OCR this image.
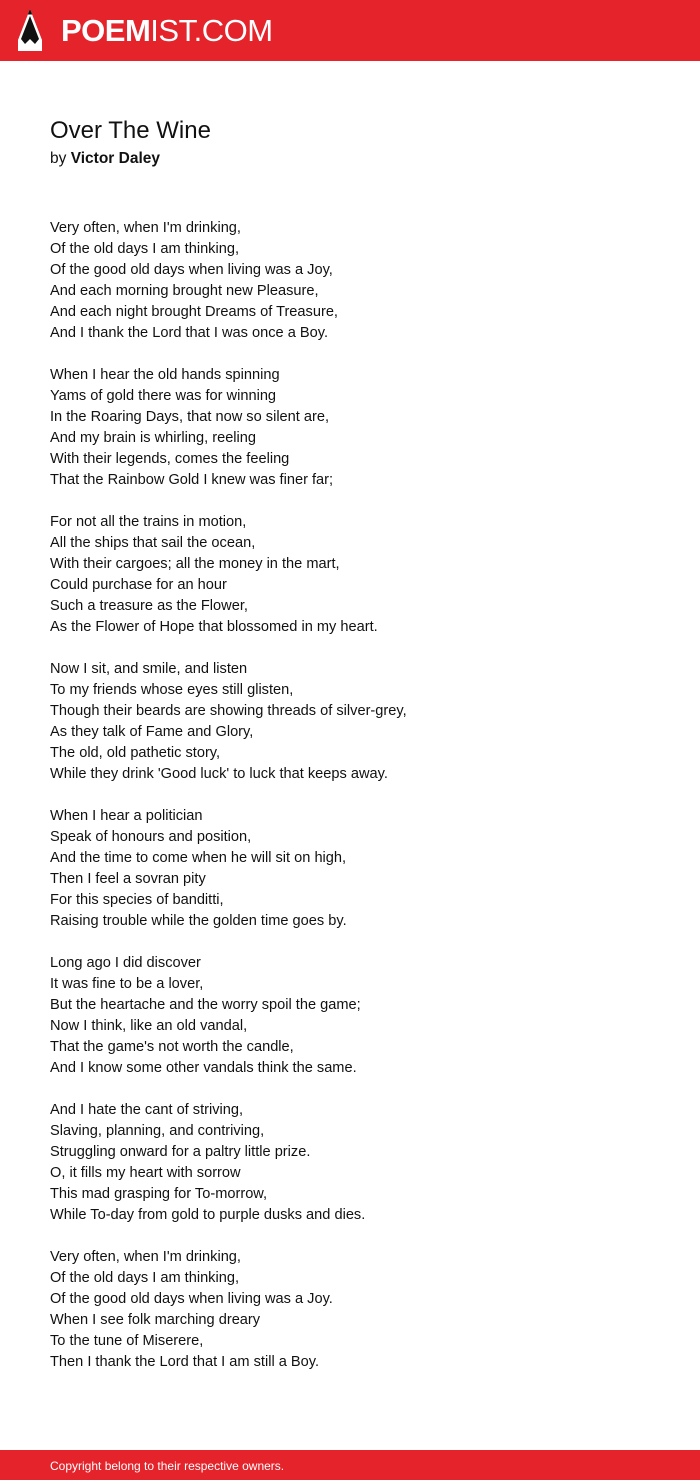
POEMIST.COM
Over The Wine
by Victor Daley
Very often, when I'm drinking,
Of the old days I am thinking,
Of the good old days when living was a Joy,
And each morning brought new Pleasure,
And each night brought Dreams of Treasure,
And I thank the Lord that I was once a Boy.
When I hear the old hands spinning
Yams of gold there was for winning
In the Roaring Days, that now so silent are,
And my brain is whirling, reeling
With their legends, comes the feeling
That the Rainbow Gold I knew was finer far;
For not all the trains in motion,
All the ships that sail the ocean,
With their cargoes; all the money in the mart,
Could purchase for an hour
Such a treasure as the Flower,
As the Flower of Hope that blossomed in my heart.
Now I sit, and smile, and listen
To my friends whose eyes still glisten,
Though their beards are showing threads of silver-grey,
As they talk of Fame and Glory,
The old, old pathetic story,
While they drink 'Good luck' to luck that keeps away.
When I hear a politician
Speak of honours and position,
And the time to come when he will sit on high,
Then I feel a sovran pity
For this species of banditti,
Raising trouble while the golden time goes by.
Long ago I did discover
It was fine to be a lover,
But the heartache and the worry spoil the game;
Now I think, like an old vandal,
That the game's not worth the candle,
And I know some other vandals think the same.
And I hate the cant of striving,
Slaving, planning, and contriving,
Struggling onward for a paltry little prize.
O, it fills my heart with sorrow
This mad grasping for To-morrow,
While To-day from gold to purple dusks and dies.
Very often, when I'm drinking,
Of the old days I am thinking,
Of the good old days when living was a Joy.
When I see folk marching dreary
To the tune of Miserere,
Then I thank the Lord that I am still a Boy.
Copyright belong to their respective owners.
